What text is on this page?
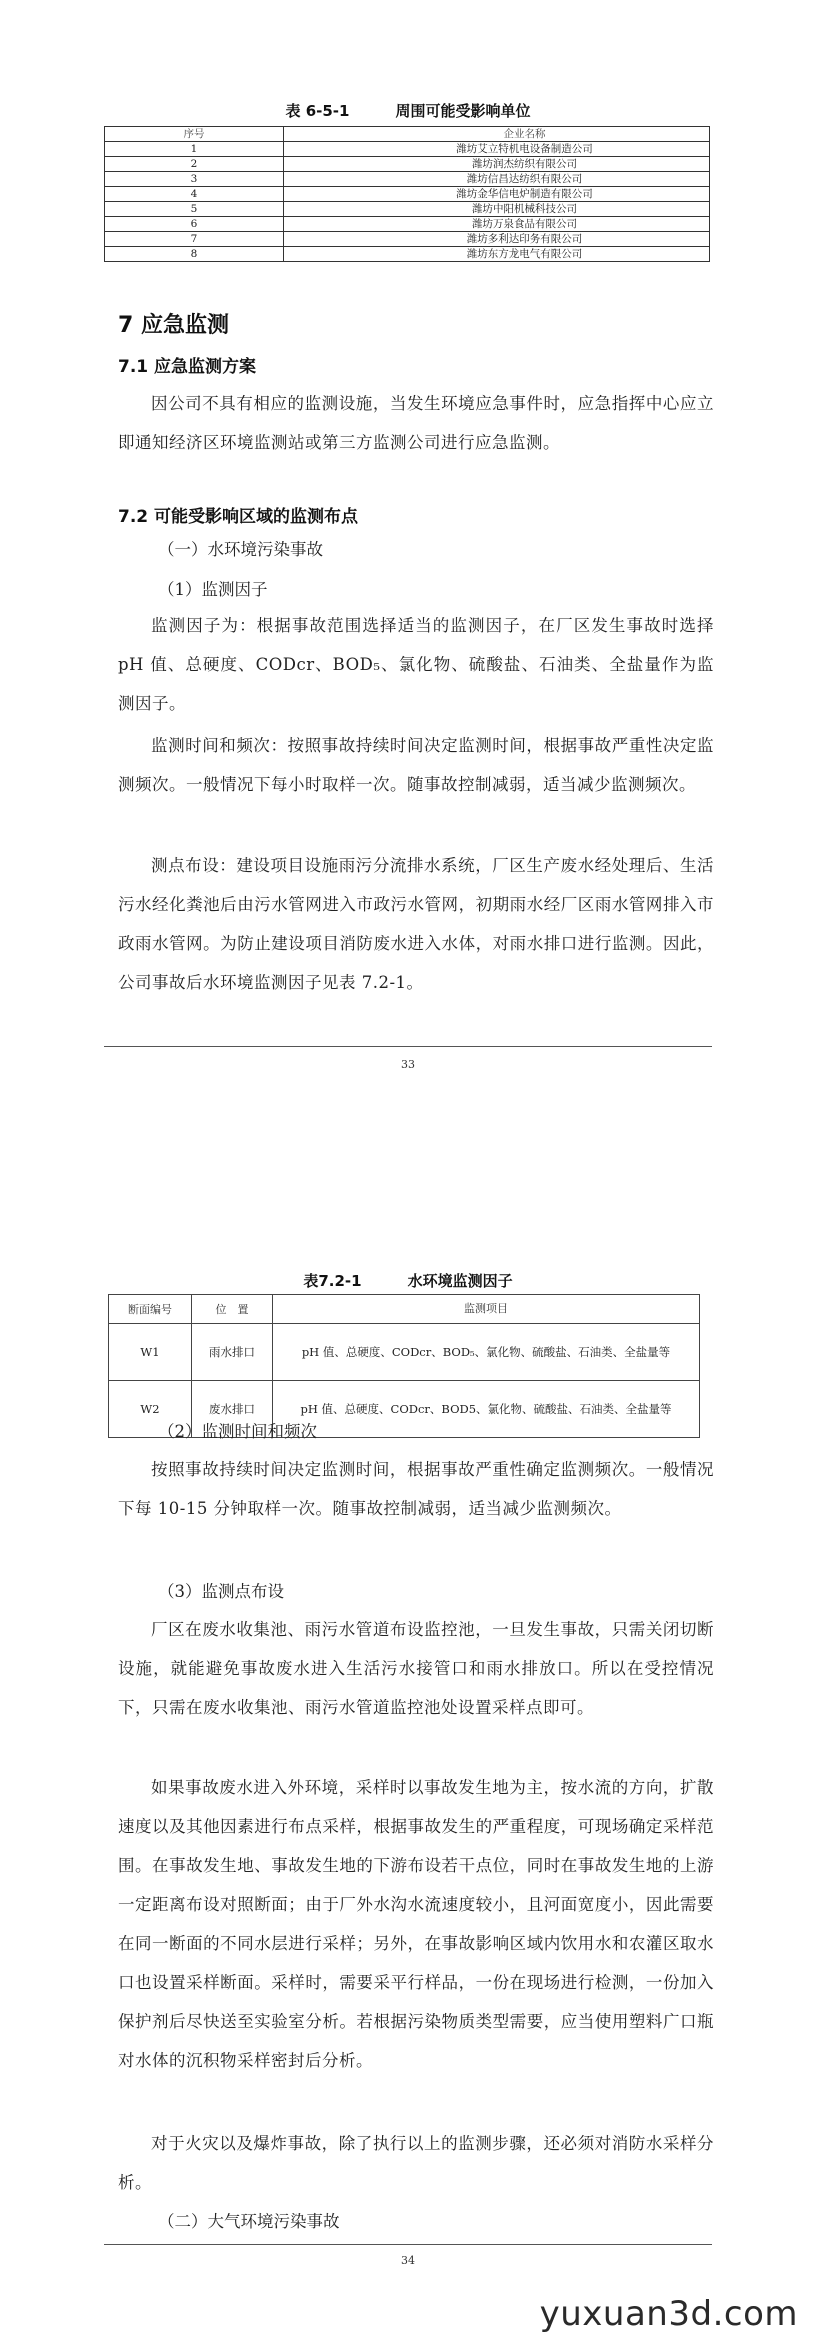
表 6-5-1	周围可能受影响单位
序号	企业名称
1	潍坊艾立特机电设备制造公司
2	潍坊润杰纺织有限公司
3	潍坊信昌达纺织有限公司
4	潍坊金华信电炉制造有限公司
5	潍坊中阳机械科技公司
6	潍坊万泉食品有限公司
7	潍坊多利达印务有限公司
8	潍坊东方龙电气有限公司
7 应急监测
7.1 应急监测方案

因公司不具有相应的监测设施，当发生环境应急事件时，应急指挥中心应立即通知经济区环境监测站或第三方监测公司进行应急监测。

7.2 可能受影响区域的监测布点

（一）水环境污染事故

（1）监测因子

监测因子为：根据事故范围选择适当的监测因子，在厂区发生事故时选择 pH 值、总硬度、CODcr、BOD₅、氯化物、硫酸盐、石油类、全盐量作为监测因子。

监测时间和频次：按照事故持续时间决定监测时间，根据事故严重性决定监测频次。一般情况下每小时取样一次。随事故控制减弱，适当减少监测频次。

测点布设：建设项目设施雨污分流排水系统，厂区生产废水经处理后、生活污水经化粪池后由污水管网进入市政污水管网，初期雨水经厂区雨水管网排入市政雨水管网。为防止建设项目消防废水进入水体，对雨水排口进行监测。因此，公司事故后水环境监测因子见表 7.2-1。

33
表7.2-1	水环境监测因子
断面编号	位　置	监测项目
W1	雨水排口	pH 值、总硬度、CODcr、BOD₅、氯化物、硫酸盐、石油类、全盐量等
W2	废水排口	pH 值、总硬度、CODcr、BOD5、氯化物、硫酸盐、石油类、全盐量等

（2）监测时间和频次

按照事故持续时间决定监测时间，根据事故严重性确定监测频次。一般情况下每 10-15 分钟取样一次。随事故控制减弱，适当减少监测频次。

（3）监测点布设

厂区在废水收集池、雨污水管道布设监控池，一旦发生事故，只需关闭切断设施，就能避免事故废水进入生活污水接管口和雨水排放口。所以在受控情况下，只需在废水收集池、雨污水管道监控池处设置采样点即可。

如果事故废水进入外环境，采样时以事故发生地为主，按水流的方向，扩散速度以及其他因素进行布点采样，根据事故发生的严重程度，可现场确定采样范围。在事故发生地、事故发生地的下游布设若干点位，同时在事故发生地的上游一定距离布设对照断面；由于厂外水沟水流速度较小，且河面宽度小，因此需要在同一断面的不同水层进行采样；另外，在事故影响区域内饮用水和农灌区取水口也设置采样断面。采样时，需要采平行样品，一份在现场进行检测，一份加入保护剂后尽快送至实验室分析。若根据污染物质类型需要，应当使用塑料广口瓶对水体的沉积物采样密封后分析。

对于火灾以及爆炸事故，除了执行以上的监测步骤，还必须对消防水采样分析。

（二）大气环境污染事故

34
yuxuan3d.com
